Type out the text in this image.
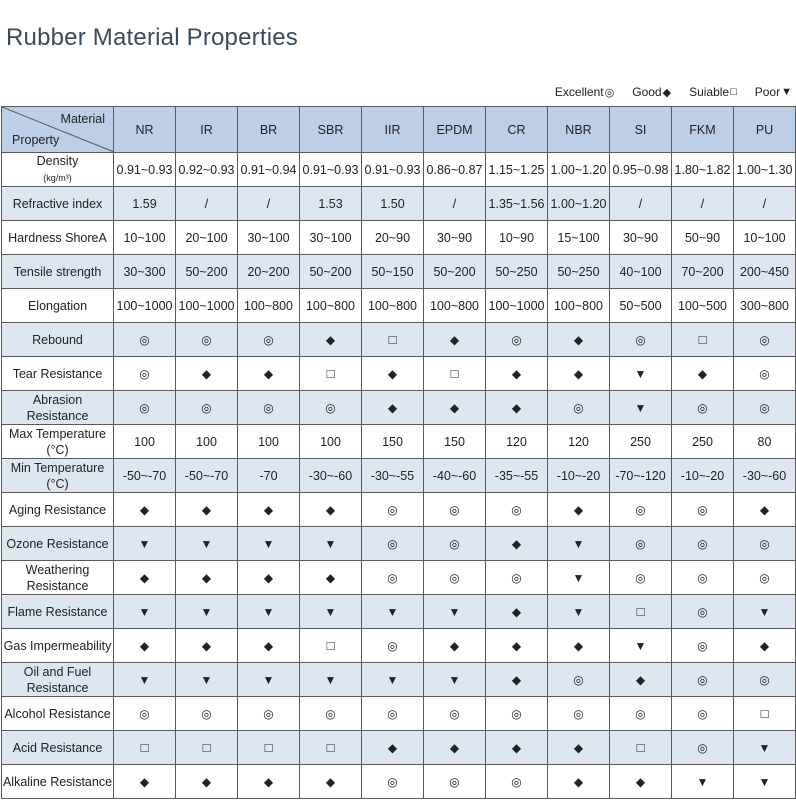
Rubber Material Properties
Excellent ◎ Good ◆ Suiable □ Poor ▼
Material
Property	NR	IR	BR	SBR	IIR	EPDM	CR	NBR	SI	FKM	PU
Density
(kg/m³)	0.91~0.93	0.92~0.93	0.91~0.94	0.91~0.93	0.91~0.93	0.86~0.87	1.15~1.25	1.00~1.20	0.95~0.98	1.80~1.82	1.00~1.30
Refractive index	1.59	/	/	1.53	1.50	/	1.35~1.56	1.00~1.20	/	/	/
Hardness ShoreA	10~100	20~100	30~100	30~100	20~90	30~90	10~90	15~100	30~90	50~90	10~100
Tensile strength	30~300	50~200	20~200	50~200	50~150	50~200	50~250	50~250	40~100	70~200	200~450
Elongation	100~1000	100~1000	100~800	100~800	100~800	100~800	100~1000	100~800	50~500	100~500	300~800
Rebound	◎	◎	◎	◆	□	◆	◎	◆	◎	□	◎
Tear Resistance	◎	◆	◆	□	◆	□	◆	◆	▼	◆	◎
Abrasion Resistance	◎	◎	◎	◎	◆	◆	◆	◎	▼	◎	◎
Max Temperature (°C)	100	100	100	100	150	150	120	120	250	250	80
Min Temperature (°C)	-50~-70	-50~-70	-70	-30~-60	-30~-55	-40~-60	-35~-55	-10~-20	-70~-120	-10~-20	-30~-60
Aging Resistance	◆	◆	◆	◆	◎	◎	◎	◆	◎	◎	◆
Ozone Resistance	▼	▼	▼	▼	◎	◎	◆	▼	◎	◎	◎
Weathering Resistance	◆	◆	◆	◆	◎	◎	◎	▼	◎	◎	◎
Flame Resistance	▼	▼	▼	▼	▼	▼	◆	▼	□	◎	▼
Gas Impermeability	◆	◆	◆	□	◎	◆	◆	◆	▼	◎	◆
Oil and Fuel Resistance	▼	▼	▼	▼	▼	▼	◆	◎	◆	◎	◎
Alcohol Resistance	◎	◎	◎	◎	◎	◎	◎	◎	◎	◎	□
Acid Resistance	□	□	□	□	◆	◆	◆	◆	□	◎	▼
Alkaline Resistance	◆	◆	◆	◆	◎	◎	◎	◆	◆	▼	▼
